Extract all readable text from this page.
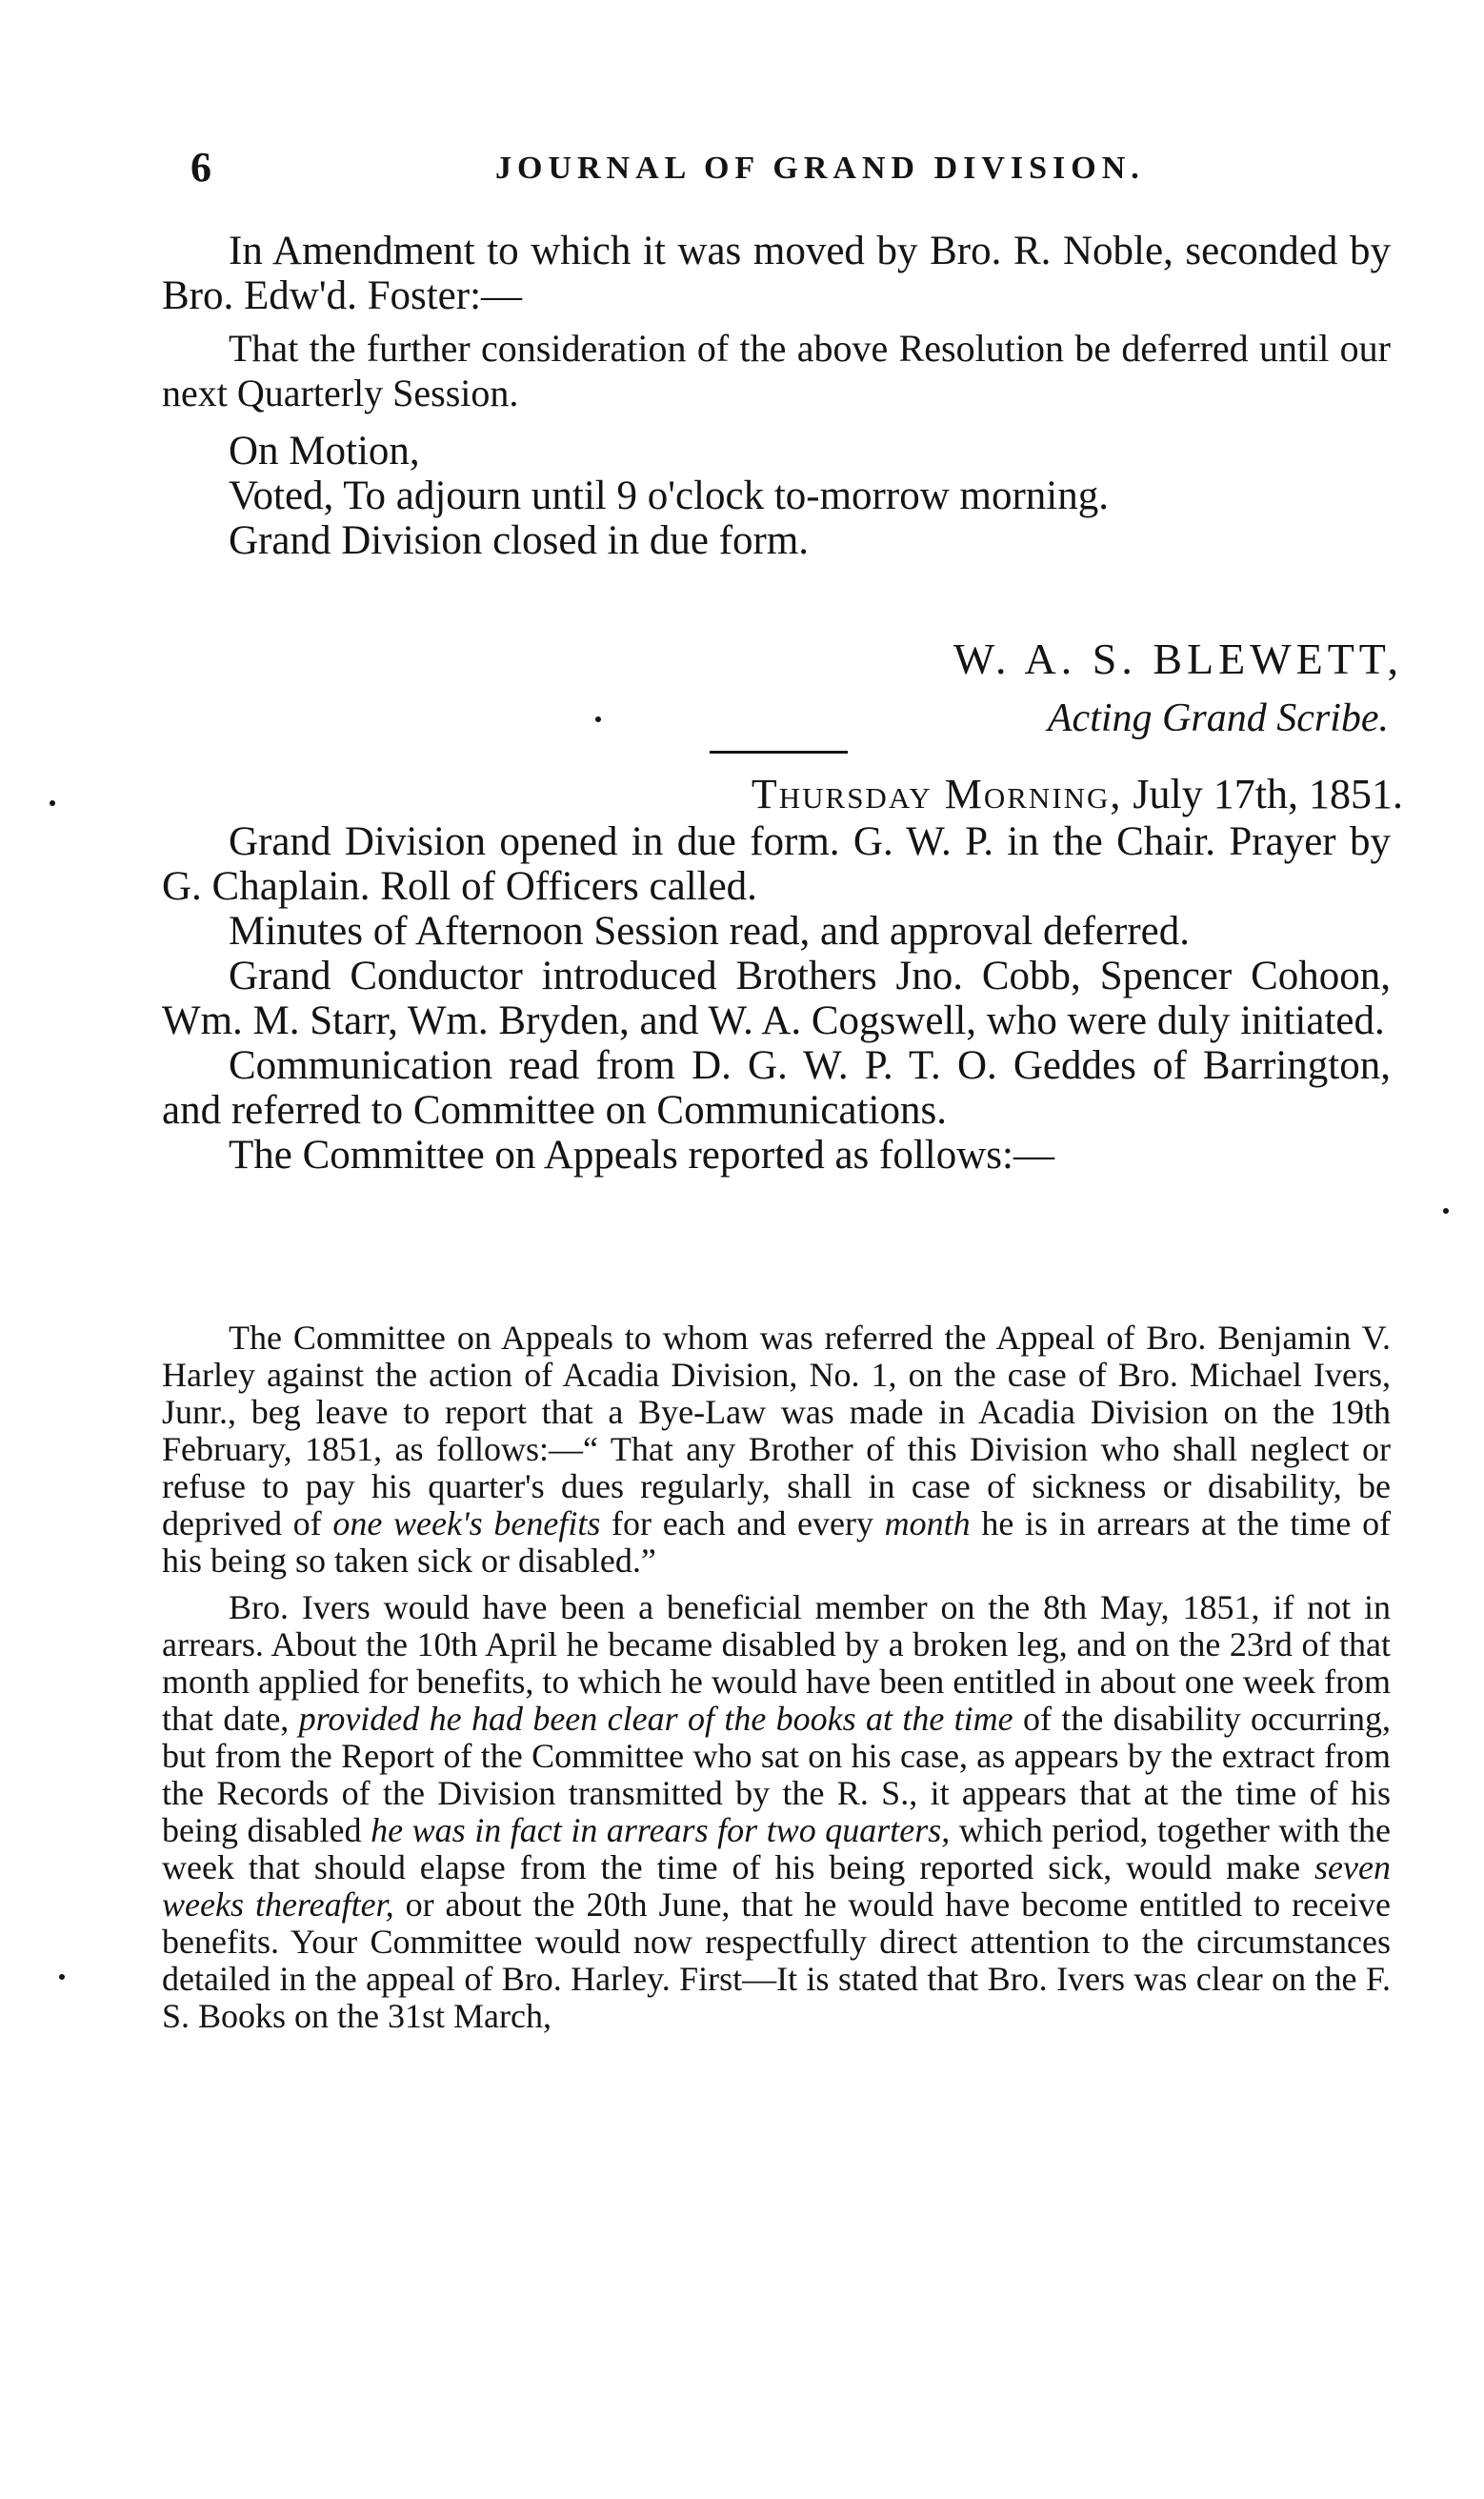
6	JOURNAL OF GRAND DIVISION.

In Amendment to which it was moved by Bro. R. Noble, seconded by Bro. Edw'd. Foster:—

That the further consideration of the above Resolution be deferred until our next Quarterly Session.

On Motion,

Voted, To adjourn until 9 o'clock to-morrow morning.

Grand Division closed in due form.

W. A. S. BLEWETT,
Acting Grand Scribe.
Thursday Morning, July 17th, 1851.

Grand Division opened in due form. G. W. P. in the Chair. Prayer by G. Chaplain. Roll of Officers called.

Minutes of Afternoon Session read, and approval deferred.

Grand Conductor introduced Brothers Jno. Cobb, Spencer Cohoon, Wm. M. Starr, Wm. Bryden, and W. A. Cogswell, who were duly initiated.

Communication read from D. G. W. P. T. O. Geddes of Barrington, and referred to Committee on Communications.

The Committee on Appeals reported as follows:—

The Committee on Appeals to whom was referred the Appeal of Bro. Benjamin V. Harley against the action of Acadia Division, No. 1, on the case of Bro. Michael Ivers, Junr., beg leave to report that a Bye-Law was made in Acadia Division on the 19th February, 1851, as follows:—“ That any Brother of this Division who shall neglect or refuse to pay his quarter's dues regularly, shall in case of sickness or disability, be deprived of one week's benefits for each and every month he is in arrears at the time of his being so taken sick or disabled.”

Bro. Ivers would have been a beneficial member on the 8th May, 1851, if not in arrears. About the 10th April he became disabled by a broken leg, and on the 23rd of that month applied for benefits, to which he would have been entitled in about one week from that date, provided he had been clear of the books at the time of the disability occurring, but from the Report of the Committee who sat on his case, as appears by the extract from the Records of the Division transmitted by the R. S., it appears that at the time of his being disabled he was in fact in arrears for two quarters, which period, together with the week that should elapse from the time of his being reported sick, would make seven weeks thereafter, or about the 20th June, that he would have become entitled to receive benefits. Your Committee would now respectfully direct attention to the circumstances detailed in the appeal of Bro. Harley. First—It is stated that Bro. Ivers was clear on the F. S. Books on the 31st March,
